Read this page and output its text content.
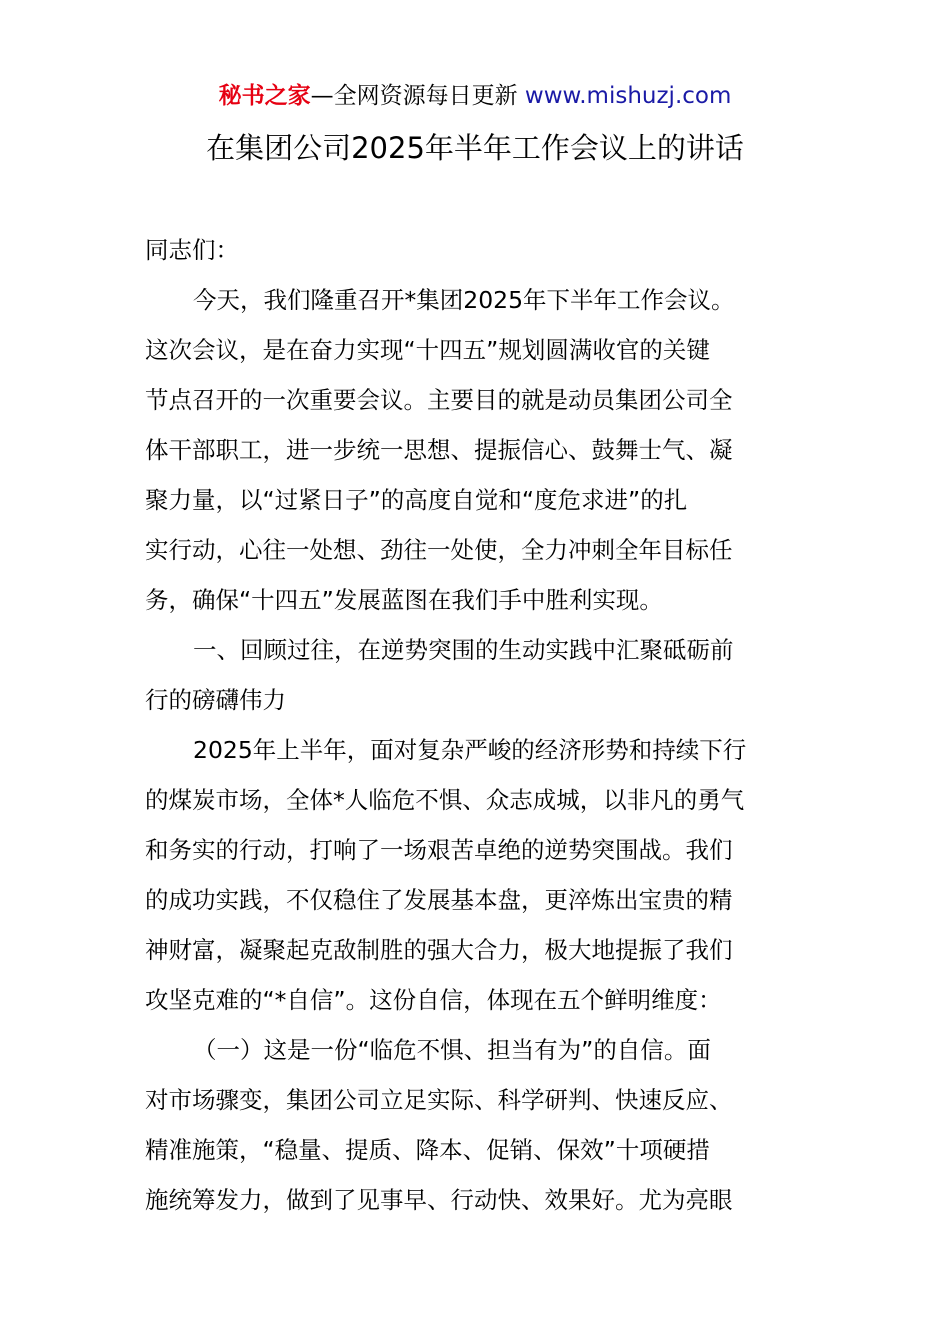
秘书之家—全网资源每日更新 www.mishuzj.com
在集团公司2025年半年工作会议上的讲话
同志们：
今天，我们隆重召开*集团2025年下半年工作会议。
这次会议，是在奋力实现“十四五”规划圆满收官的关键
节点召开的一次重要会议。主要目的就是动员集团公司全
体干部职工，进一步统一思想、提振信心、鼓舞士气、凝
聚力量，以“过紧日子”的高度自觉和“度危求进”的扎
实行动，心往一处想、劲往一处使，全力冲刺全年目标任
务，确保“十四五”发展蓝图在我们手中胜利实现。
一、回顾过往，在逆势突围的生动实践中汇聚砥砺前
行的磅礴伟力
2025年上半年，面对复杂严峻的经济形势和持续下行
的煤炭市场，全体*人临危不惧、众志成城，以非凡的勇气
和务实的行动，打响了一场艰苦卓绝的逆势突围战。我们
的成功实践，不仅稳住了发展基本盘，更淬炼出宝贵的精
神财富，凝聚起克敌制胜的强大合力，极大地提振了我们
攻坚克难的“*自信”。这份自信，体现在五个鲜明维度：
（一）这是一份“临危不惧、担当有为”的自信。面
对市场骤变，集团公司立足实际、科学研判、快速反应、
精准施策，“稳量、提质、降本、促销、保效”十项硬措
施统筹发力，做到了见事早、行动快、效果好。尤为亮眼
